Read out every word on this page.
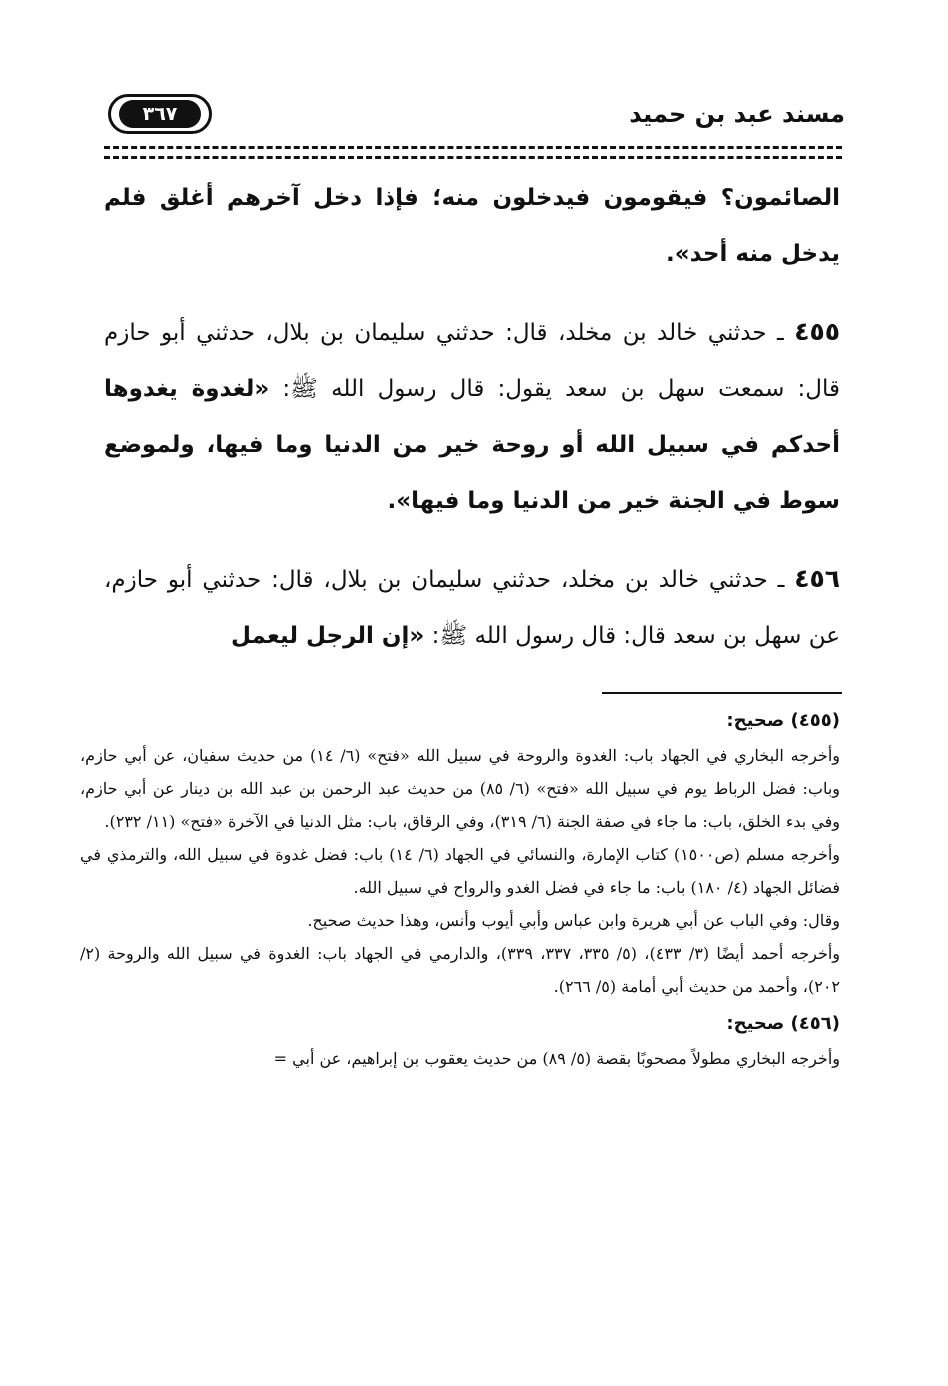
مسند عبد بن حميد
٣٦٧

الصائمون؟ فيقومون فيدخلون منه؛ فإذا دخل آخرهم أغلق فلم يدخل منه أحد».

٤٥٥ ـ حدثني خالد بن مخلد، قال: حدثني سليمان بن بلال، حدثني أبو حازم قال: سمعت سهل بن سعد يقول: قال رسول الله ﷺ: «لغدوة يغدوها أحدكم في سبيل الله أو روحة خير من الدنيا وما فيها، ولموضع سوط في الجنة خير من الدنيا وما فيها».

٤٥٦ ـ حدثني خالد بن مخلد، حدثني سليمان بن بلال، قال: حدثني أبو حازم، عن سهل بن سعد قال: قال رسول الله ﷺ: «إن الرجل ليعمل

(٤٥٥) صحيح:

وأخرجه البخاري في الجهاد باب: الغدوة والروحة في سبيل الله «فتح» (٦/ ١٤) من حديث سفيان، عن أبي حازم، وباب: فضل الرباط يوم في سبيل الله «فتح» (٦/ ٨٥) من حديث عبد الرحمن بن عبد الله بن دينار عن أبي حازم، وفي بدء الخلق، باب: ما جاء في صفة الجنة (٦/ ٣١٩)، وفي الرقاق، باب: مثل الدنيا في الآخرة «فتح» (١١/ ٢٣٢).

وأخرجه مسلم (ص١٥٠٠) كتاب الإمارة، والنسائي في الجهاد (٦/ ١٤) باب: فضل غدوة في سبيل الله، والترمذي في فضائل الجهاد (٤/ ١٨٠) باب: ما جاء في فضل الغدو والرواح في سبيل الله.

وقال: وفي الباب عن أبي هريرة وابن عباس وأبي أيوب وأنس، وهذا حديث صحيح.

وأخرجه أحمد أيضًا (٣/ ٤٣٣)، (٥/ ٣٣٥، ٣٣٧، ٣٣٩)، والدارمي في الجهاد باب: الغدوة في سبيل الله والروحة (٢/ ٢٠٢)، وأحمد من حديث أبي أمامة (٥/ ٢٦٦).

(٤٥٦) صحيح:

وأخرجه البخاري مطولاً مصحوبًا بقصة (٥/ ٨٩) من حديث يعقوب بن إبراهيم، عن أبي =
